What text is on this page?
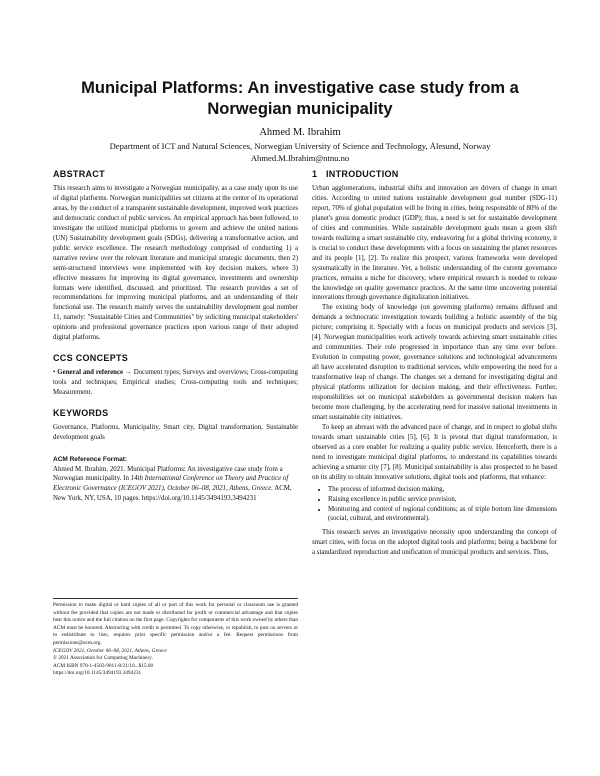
Municipal Platforms: An investigative case study from a
Norwegian municipality
Ahmed M. Ibrahim
Department of ICT and Natural Sciences, Norwegian University of Science and Technology, Ålesund, Norway
Ahmed.M.Ibrahim@ntnu.no
ABSTRACT

This research aims to investigate a Norwegian municipality, as a case study upon its use of digital platforms. Norwegian municipalities set citizens at the center of its operational areas, by the conduct of a transparent sustainable development, improved work practices and democratic conduct of public services. An empirical approach has been followed, to investigate the utilized municipal platforms to govern and achieve the united nations (UN) Sustainability development goals (SDGs), delivering a transformative action, and public service excellence. The research methodology comprised of conducting 1) a narrative review over the relevant literature and municipal strategic documents, then 2) semi-structured interviews were implemented with key decision makers, where 3) effective measures for improving its digital governance, investments and ownership formats were identified, discussed, and prioritized. The research provides a set of recommendations for improving municipal platforms, and an understanding of their functional use. The research mainly serves the sustainability development goal number 11, namely: "Sustainable Cities and Communities" by soliciting municipal stakeholders' opinions and professional governance practices upon various range of their adopted digital platforms.

CCS CONCEPTS

• General and reference → Document types; Surveys and overviews; Cross-computing tools and techniques; Empirical studies; Cross-computing tools and techniques; Measurement.

KEYWORDS

Governance, Platforms, Municipality, Smart city, Digital transformation, Sustainable development goals

ACM Reference Format:

Ahmed M. Ibrahim. 2021. Municipal Platforms: An investigative case study from a Norwegian municipality. In 14th International Conference on Theory and Practice of Electronic Governance (ICEGOV 2021), October 06–08, 2021, Athens, Greece. ACM, New York, NY, USA, 10 pages. https://doi.org/10.1145/3494193.3494231

Permission to make digital or hard copies of all or part of this work for personal or classroom use is granted without fee provided that copies are not made or distributed for profit or commercial advantage and that copies bear this notice and the full citation on the first page. Copyrights for components of this work owned by others than ACM must be honored. Abstracting with credit is permitted. To copy otherwise, or republish, to post on servers or to redistribute to lists, requires prior specific permission and/or a fee. Request permissions from permissions@acm.org.

ICEGOV 2021, October 06–08, 2021, Athens, Greece

© 2021 Association for Computing Machinery.

ACM ISBN 978-1-4503-9011-8/21/10...$15.00

https://doi.org/10.1145/3494193.3494231

1 INTRODUCTION

Urban agglomerations, industrial shifts and innovation are drivers of change in smart cities. According to united nations sustainable development goal number (SDG-11) report, 70% of global population will be living in cities, being responsible of 80% of the planet's gross domestic product (GDP); thus, a need is set for sustainable development of cities and communities. While sustainable development goals mean a green shift towards realizing a smart sustainable city, endeavoring for a global thriving economy, it is crucial to conduct these developments with a focus on sustaining the planet resources and its people [1], [2]. To realize this prospect, various frameworks were developed systematically in the literature. Yet, a holistic understanding of the current governance practices, remains a niche for discovery, where empirical research is needed to release the knowledge on quality governance practices. At the same time uncovering potential innovations through governance digitalization initiatives.

The existing body of knowledge (on governing platforms) remains diffused and demands a technocratic investigation towards building a holistic assembly of the big picture; comprising it. Specially with a focus on municipal products and services [3], [4]. Norwegian municipalities work actively towards achieving smart sustainable cities and communities. Their role progressed in importance than any time ever before. Evolution in computing power, governance solutions and technological advancements all have accelerated disruption to traditional services, while empowering the need for a transformative leap of change. The changes set a demand for investigating digital and physical platforms utilization for decision making, and their effectiveness. Further, responsibilities set on municipal stakeholders as governmental decision makers has become more challenging, by the accelerating need for massive national investments in smart sustainable city initiatives.

To keep an abreast with the advanced pace of change, and in respect to global shifts towards smart sustainable cities [5], [6]. It is pivotal that digital transformation, is observed as a core enabler for realizing a quality public service. Henceforth, there is a need to investigate municipal digital platforms, to understand its capabilities towards achieving a smarter city [7], [8]. Municipal sustainability is also prospected to be based on its ability to obtain innovative solutions, digital tools and platforms, that enhance:

• The process of informed decision making,
• Raising excellence in public service provision,
• Monitoring and control of regional conditions; as of triple bottom line dimensions (social, cultural, and environmental).

This research serves an investigative necessity upon understanding the concept of smart cities, with focus on the adopted digital tools and platforms; being a backbone for a standardized reproduction and unification of municipal products and services. Thus,
